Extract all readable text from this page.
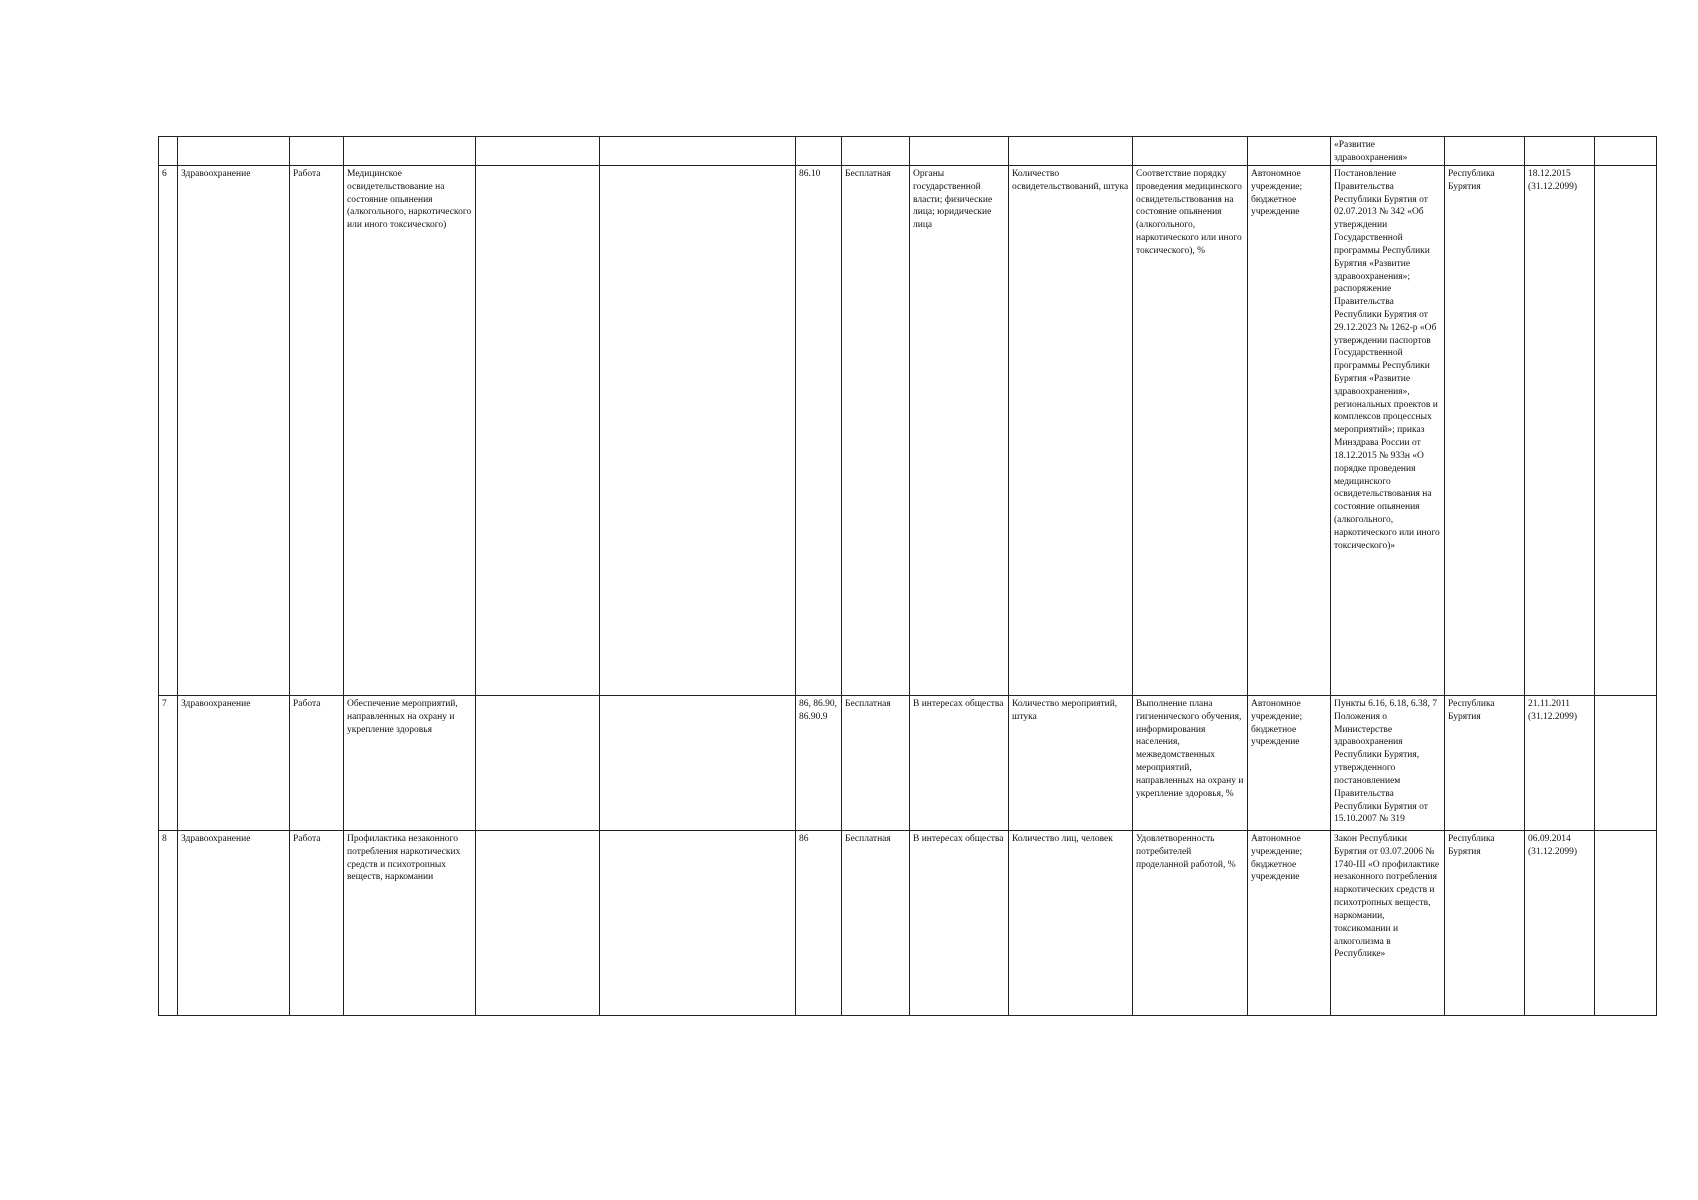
												«Развитие
здравоохранения»			
6	Здравоохранение	Работа	Медицинское освидетельствование на состояние опьянения (алкогольного, наркотического или иного токсического)			86.10	Бесплатная	Органы государственной власти; физические лица; юридические лица	Количество освидетельствований, штука	Соответствие порядку проведения медицинского освидетельствования на состояние опьянения (алкогольного, наркотического или иного токсического), %	Автономное учреждение; бюджетное учреждение	Постановление Правительства Республики Бурятия от 02.07.2013 № 342 «Об утверждении Государственной программы Республики Бурятия «Развитие здравоохранения»; распоряжение Правительства Республики Бурятия от 29.12.2023 № 1262-р «Об утверждении паспортов Государственной программы Республики Бурятия «Развитие здравоохранения», региональных проектов и комплексов процессных мероприятий»; приказ Минздрава России от 18.12.2015 № 933н «О порядке проведения медицинского освидетельствования на состояние опьянения (алкогольного, наркотического или иного токсического)»	Республика Бурятия	18.12.2015
(31.12.2099)	
7	Здравоохранение	Работа	Обеспечение мероприятий, направленных на охрану и укрепление здоровья			86, 86.90, 86.90.9	Бесплатная	В интересах общества	Количество мероприятий, штука	Выполнение плана гигиенического обучения, информирования населения, межведомственных мероприятий, направленных на охрану и укрепление здоровья, %	Автономное учреждение; бюджетное учреждение	Пункты 6.16, 6.18, 6.38, 7 Положения о Министерстве здравоохранения Республики Бурятия, утвержденного постановлением Правительства Республики Бурятия от 15.10.2007 № 319	Республика Бурятия	21.11.2011
(31.12.2099)	
8	Здравоохранение	Работа	Профилактика незаконного потребления наркотических средств и психотропных веществ, наркомании			86	Бесплатная	В интересах общества	Количество лиц, человек	Удовлетворенность потребителей проделанной работой, %	Автономное учреждение; бюджетное учреждение	Закон Республики Бурятия от 03.07.2006 № 1740-III «О профилактике незаконного потребления наркотических средств и психотропных веществ, наркомании, токсикомании и алкоголизма в Республике»	Республика Бурятия	06.09.2014
(31.12.2099)	
